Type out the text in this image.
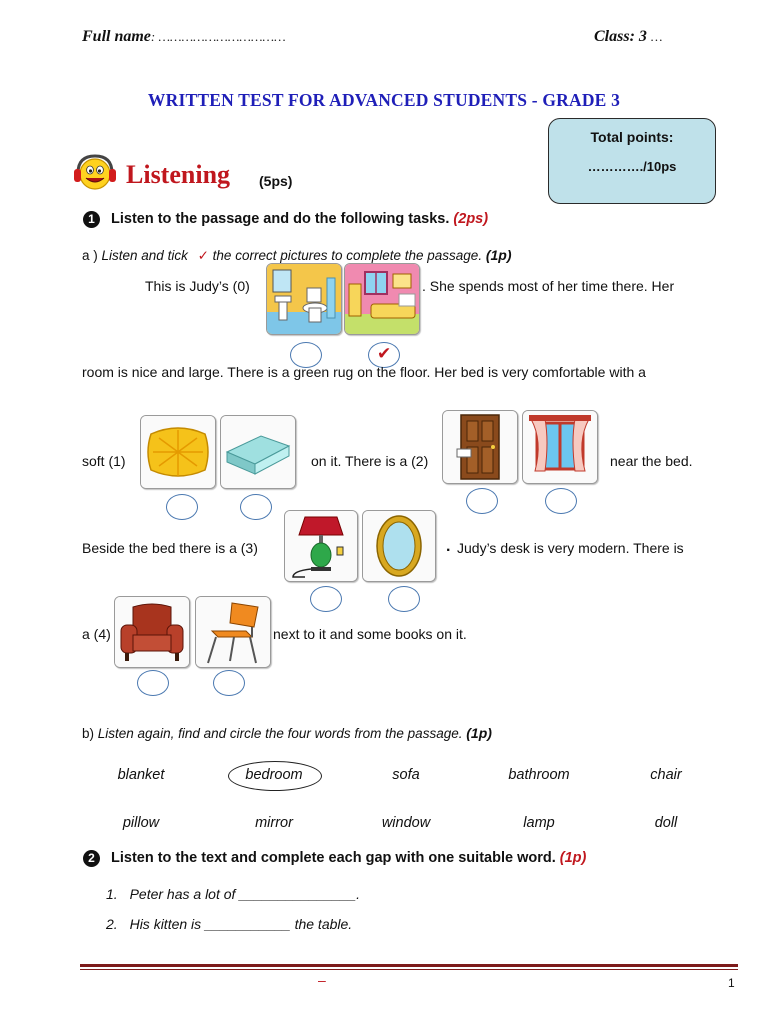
Full name: ……………………………	Class: 3 …
WRITTEN TEST FOR ADVANCED STUDENTS - GRADE 3
Total points:
…………./10ps
Listening (5ps)
1	Listen to the passage and do the following tasks. (2ps)
a ) Listen and tick ✓ the correct pictures to complete the passage. (1p)
This is Judy’s (0)	. She spends most of her time there. Her
✔
room is nice and large. There is a green rug on the floor. Her bed is very comfortable with a
soft (1)	on it. There is a (2)	near the bed.
Beside the bed there is a (3)	. Judy’s desk is very modern. There is
a (4)	next to it and some books on it.
b) Listen again, find and circle the four words from the passage. (1p)
blanket	bedroom	sofa	bathroom	chair
pillow	mirror	window	lamp	doll
2	Listen to the text and complete each gap with one suitable word. (1p)
1. Peter has a lot of _______________.
2. His kitten is ___________ the table.
–	1
